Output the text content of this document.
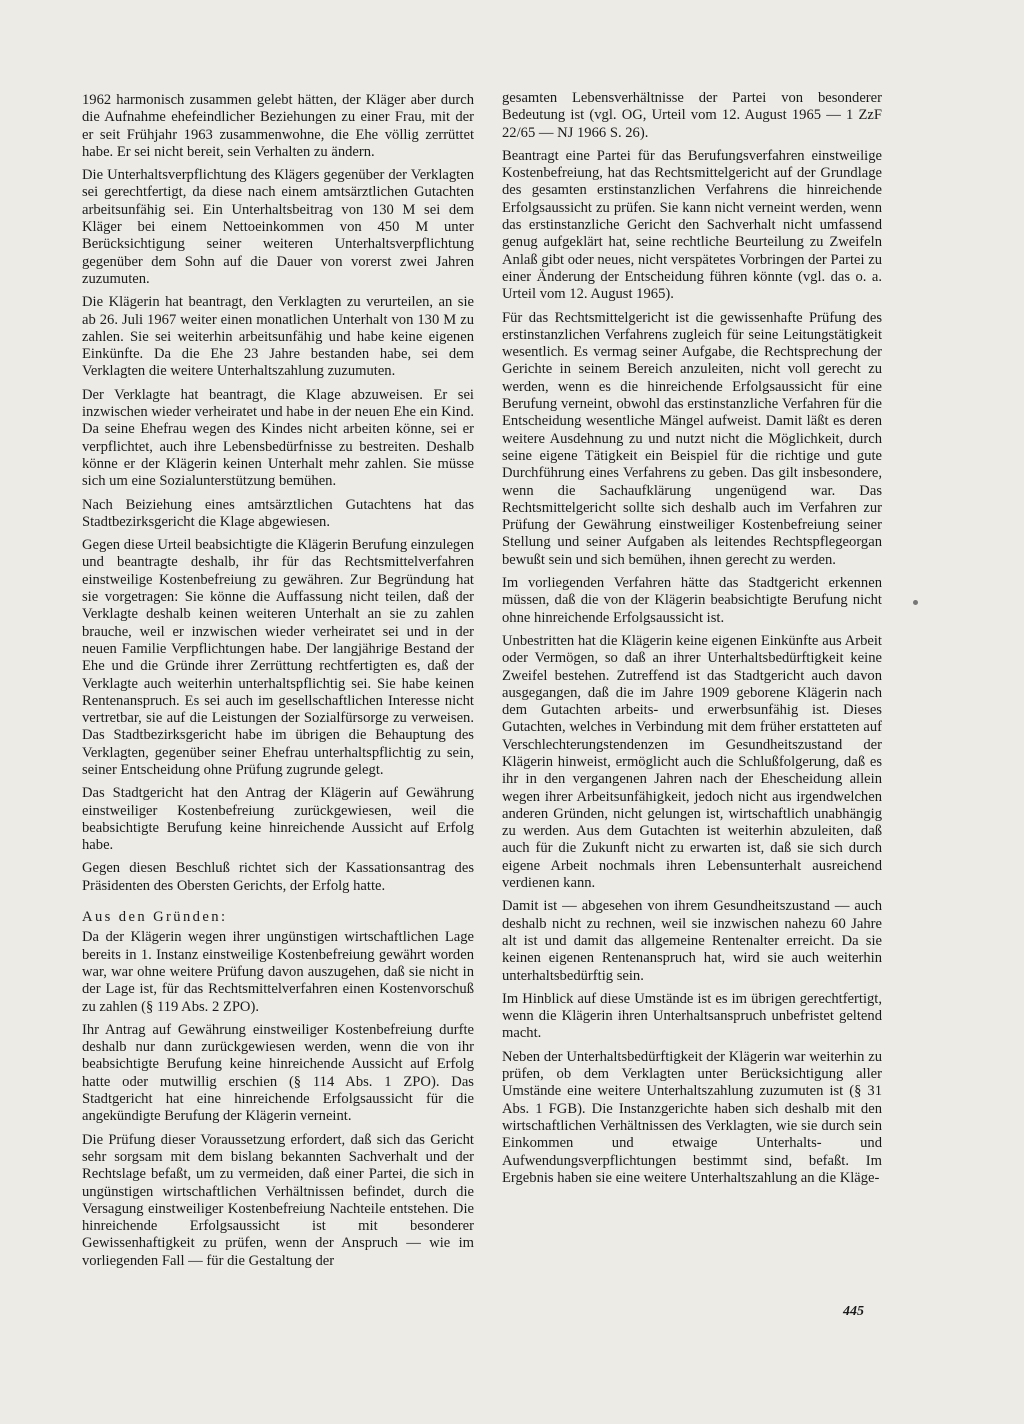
1962 harmonisch zusammen gelebt hätten, der Kläger aber durch die Aufnahme ehefeindlicher Beziehungen zu einer Frau, mit der er seit Frühjahr 1963 zusammenwohne, die Ehe völlig zerrüttet habe. Er sei nicht bereit, sein Verhalten zu ändern.

Die Unterhaltsverpflichtung des Klägers gegenüber der Verklagten sei gerechtfertigt, da diese nach einem amtsärztlichen Gutachten arbeitsunfähig sei. Ein Unterhaltsbeitrag von 130 M sei dem Kläger bei einem Nettoeinkommen von 450 M unter Berücksichtigung seiner weiteren Unterhaltsverpflichtung gegenüber dem Sohn auf die Dauer von vorerst zwei Jahren zuzumuten.

Die Klägerin hat beantragt, den Verklagten zu verurteilen, an sie ab 26. Juli 1967 weiter einen monatlichen Unterhalt von 130 M zu zahlen. Sie sei weiterhin arbeitsunfähig und habe keine eigenen Einkünfte. Da die Ehe 23 Jahre bestanden habe, sei dem Verklagten die weitere Unterhaltszahlung zuzumuten.

Der Verklagte hat beantragt, die Klage abzuweisen. Er sei inzwischen wieder verheiratet und habe in der neuen Ehe ein Kind. Da seine Ehefrau wegen des Kindes nicht arbeiten könne, sei er verpflichtet, auch ihre Lebensbedürfnisse zu bestreiten. Deshalb könne er der Klägerin keinen Unterhalt mehr zahlen. Sie müsse sich um eine Sozialunterstützung bemühen.

Nach Beiziehung eines amtsärztlichen Gutachtens hat das Stadtbezirksgericht die Klage abgewiesen.

Gegen diese Urteil beabsichtigte die Klägerin Berufung einzulegen und beantragte deshalb, ihr für das Rechtsmittelverfahren einstweilige Kostenbefreiung zu gewähren. Zur Begründung hat sie vorgetragen: Sie könne die Auffassung nicht teilen, daß der Verklagte deshalb keinen weiteren Unterhalt an sie zu zahlen brauche, weil er inzwischen wieder verheiratet sei und in der neuen Familie Verpflichtungen habe. Der langjährige Bestand der Ehe und die Gründe ihrer Zerrüttung rechtfertigten es, daß der Verklagte auch weiterhin unterhaltspflichtig sei. Sie habe keinen Rentenanspruch. Es sei auch im gesellschaftlichen Interesse nicht vertretbar, sie auf die Leistungen der Sozialfürsorge zu verweisen. Das Stadtbezirksgericht habe im übrigen die Behauptung des Verklagten, gegenüber seiner Ehefrau unterhaltspflichtig zu sein, seiner Entscheidung ohne Prüfung zugrunde gelegt.

Das Stadtgericht hat den Antrag der Klägerin auf Gewährung einstweiliger Kostenbefreiung zurückgewiesen, weil die beabsichtigte Berufung keine hinreichende Aussicht auf Erfolg habe.

Gegen diesen Beschluß richtet sich der Kassationsantrag des Präsidenten des Obersten Gerichts, der Erfolg hatte.

Aus den Gründen:

Da der Klägerin wegen ihrer ungünstigen wirtschaftlichen Lage bereits in 1. Instanz einstweilige Kostenbefreiung gewährt worden war, war ohne weitere Prüfung davon auszugehen, daß sie nicht in der Lage ist, für das Rechtsmittelverfahren einen Kostenvorschuß zu zahlen (§ 119 Abs. 2 ZPO).

Ihr Antrag auf Gewährung einstweiliger Kostenbefreiung durfte deshalb nur dann zurückgewiesen werden, wenn die von ihr beabsichtigte Berufung keine hinreichende Aussicht auf Erfolg hatte oder mutwillig erschien (§ 114 Abs. 1 ZPO). Das Stadtgericht hat eine hinreichende Erfolgsaussicht für die angekündigte Berufung der Klägerin verneint.

Die Prüfung dieser Voraussetzung erfordert, daß sich das Gericht sehr sorgsam mit dem bislang bekannten Sachverhalt und der Rechtslage befaßt, um zu vermeiden, daß einer Partei, die sich in ungünstigen wirtschaftlichen Verhältnissen befindet, durch die Versagung einstweiliger Kostenbefreiung Nachteile entstehen. Die hinreichende Erfolgsaussicht ist mit besonderer Gewissenhaftigkeit zu prüfen, wenn der Anspruch — wie im vorliegenden Fall — für die Gestaltung der

gesamten Lebensverhältnisse der Partei von besonderer Bedeutung ist (vgl. OG, Urteil vom 12. August 1965 — 1 ZzF 22/65 — NJ 1966 S. 26).

Beantragt eine Partei für das Berufungsverfahren einstweilige Kostenbefreiung, hat das Rechtsmittelgericht auf der Grundlage des gesamten erstinstanzlichen Verfahrens die hinreichende Erfolgsaussicht zu prüfen. Sie kann nicht verneint werden, wenn das erstinstanzliche Gericht den Sachverhalt nicht umfassend genug aufgeklärt hat, seine rechtliche Beurteilung zu Zweifeln Anlaß gibt oder neues, nicht verspätetes Vorbringen der Partei zu einer Änderung der Entscheidung führen könnte (vgl. das o. a. Urteil vom 12. August 1965).

Für das Rechtsmittelgericht ist die gewissenhafte Prüfung des erstinstanzlichen Verfahrens zugleich für seine Leitungstätigkeit wesentlich. Es vermag seiner Aufgabe, die Rechtsprechung der Gerichte in seinem Bereich anzuleiten, nicht voll gerecht zu werden, wenn es die hinreichende Erfolgsaussicht für eine Berufung verneint, obwohl das erstinstanzliche Verfahren für die Entscheidung wesentliche Mängel aufweist. Damit läßt es deren weitere Ausdehnung zu und nutzt nicht die Möglichkeit, durch seine eigene Tätigkeit ein Beispiel für die richtige und gute Durchführung eines Verfahrens zu geben. Das gilt insbesondere, wenn die Sachaufklärung ungenügend war. Das Rechtsmittelgericht sollte sich deshalb auch im Verfahren zur Prüfung der Gewährung einstweiliger Kostenbefreiung seiner Stellung und seiner Aufgaben als leitendes Rechtspflegeorgan bewußt sein und sich bemühen, ihnen gerecht zu werden.

Im vorliegenden Verfahren hätte das Stadtgericht erkennen müssen, daß die von der Klägerin beabsichtigte Berufung nicht ohne hinreichende Erfolgsaussicht ist.

Unbestritten hat die Klägerin keine eigenen Einkünfte aus Arbeit oder Vermögen, so daß an ihrer Unterhaltsbedürftigkeit keine Zweifel bestehen. Zutreffend ist das Stadtgericht auch davon ausgegangen, daß die im Jahre 1909 geborene Klägerin nach dem Gutachten arbeits- und erwerbsunfähig ist. Dieses Gutachten, welches in Verbindung mit dem früher erstatteten auf Verschlechterungstendenzen im Gesundheitszustand der Klägerin hinweist, ermöglicht auch die Schlußfolgerung, daß es ihr in den vergangenen Jahren nach der Ehescheidung allein wegen ihrer Arbeitsunfähigkeit, jedoch nicht aus irgendwelchen anderen Gründen, nicht gelungen ist, wirtschaftlich unabhängig zu werden. Aus dem Gutachten ist weiterhin abzuleiten, daß auch für die Zukunft nicht zu erwarten ist, daß sie sich durch eigene Arbeit nochmals ihren Lebensunterhalt ausreichend verdienen kann.

Damit ist — abgesehen von ihrem Gesundheitszustand — auch deshalb nicht zu rechnen, weil sie inzwischen nahezu 60 Jahre alt ist und damit das allgemeine Rentenalter erreicht. Da sie keinen eigenen Rentenanspruch hat, wird sie auch weiterhin unterhaltsbedürftig sein.

Im Hinblick auf diese Umstände ist es im übrigen gerechtfertigt, wenn die Klägerin ihren Unterhaltsanspruch unbefristet geltend macht.

Neben der Unterhaltsbedürftigkeit der Klägerin war weiterhin zu prüfen, ob dem Verklagten unter Berücksichtigung aller Umstände eine weitere Unterhaltszahlung zuzumuten ist (§ 31 Abs. 1 FGB). Die Instanzgerichte haben sich deshalb mit den wirtschaftlichen Verhältnissen des Verklagten, wie sie durch sein Einkommen und etwaige Unterhalts- und Aufwendungsverpflichtungen bestimmt sind, befaßt. Im Ergebnis haben sie eine weitere Unterhaltszahlung an die Kläge-

445
